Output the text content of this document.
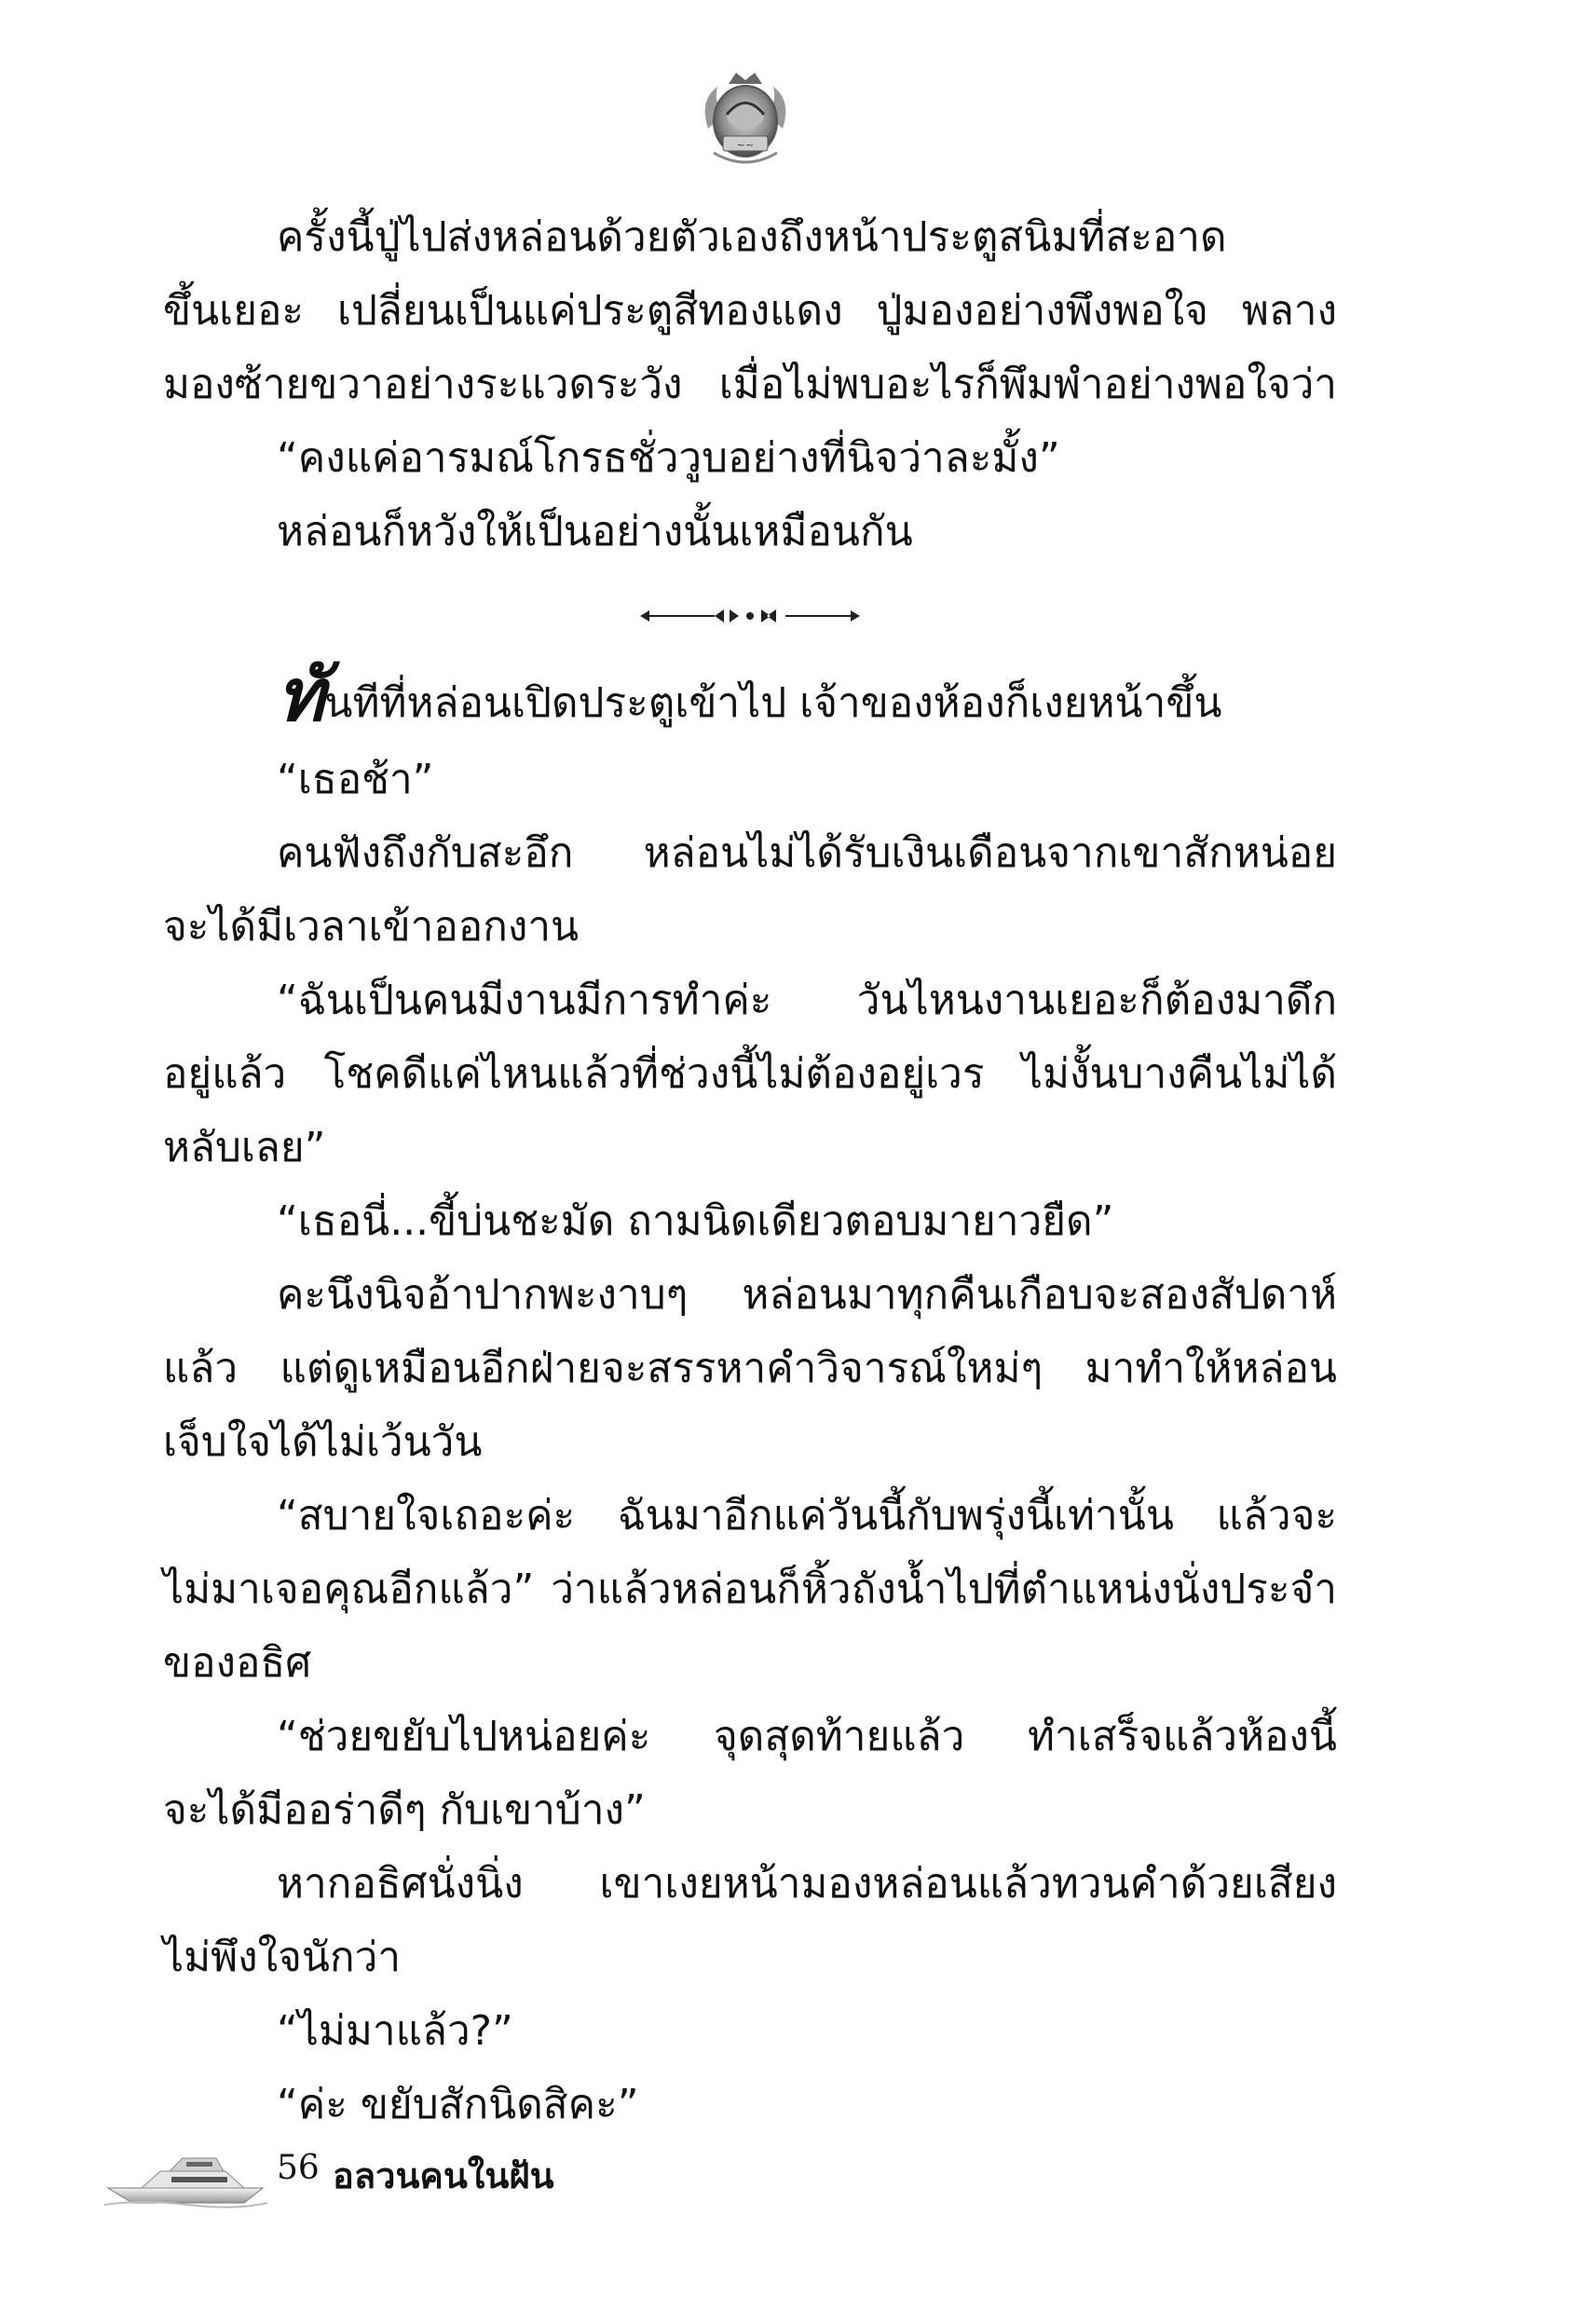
~~
ครั้งนี้ปู่ไปส่งหล่อนด้วยตัวเองถึงหน้าประตูสนิมที่สะอาด
ขึ้นเยอะ เปลี่ยนเป็นแค่ประตูสีทองแดง ปู่มองอย่างพึงพอใจ พลาง
มองซ้ายขวาอย่างระแวดระวัง เมื่อไม่พบอะไรก็พึมพำอย่างพอใจว่า
“คงแค่อารมณ์โกรธชั่ววูบอย่างที่นิจว่าละมั้ง”
หล่อนก็หวังให้เป็นอย่างนั้นเหมือนกัน
ทันทีที่หล่อนเปิดประตูเข้าไป เจ้าของห้องก็เงยหน้าขึ้น
“เธอช้า”
คนฟังถึงกับสะอึก หล่อนไม่ได้รับเงินเดือนจากเขาสักหน่อย
จะได้มีเวลาเข้าออกงาน
“ฉันเป็นคนมีงานมีการทำค่ะ วันไหนงานเยอะก็ต้องมาดึก
อยู่แล้ว โชคดีแค่ไหนแล้วที่ช่วงนี้ไม่ต้องอยู่เวร ไม่งั้นบางคืนไม่ได้
หลับเลย”
“เธอนี่...ขี้บ่นชะมัด ถามนิดเดียวตอบมายาวยืด”
คะนึงนิจอ้าปากพะงาบๆ หล่อนมาทุกคืนเกือบจะสองสัปดาห์
แล้ว แต่ดูเหมือนอีกฝ่ายจะสรรหาคำวิจารณ์ใหม่ๆ มาทำให้หล่อน
เจ็บใจได้ไม่เว้นวัน
“สบายใจเถอะค่ะ ฉันมาอีกแค่วันนี้กับพรุ่งนี้เท่านั้น แล้วจะ
ไม่มาเจอคุณอีกแล้ว” ว่าแล้วหล่อนก็หิ้วถังน้ำไปที่ตำแหน่งนั่งประจำ
ของอธิศ
“ช่วยขยับไปหน่อยค่ะ จุดสุดท้ายแล้ว ทำเสร็จแล้วห้องนี้
จะได้มีออร่าดีๆ กับเขาบ้าง”
หากอธิศนั่งนิ่ง เขาเงยหน้ามองหล่อนแล้วทวนคำด้วยเสียง
ไม่พึงใจนักว่า
“ไม่มาแล้ว?”
“ค่ะ ขยับสักนิดสิคะ”
56 อลวนคนในฝัน
